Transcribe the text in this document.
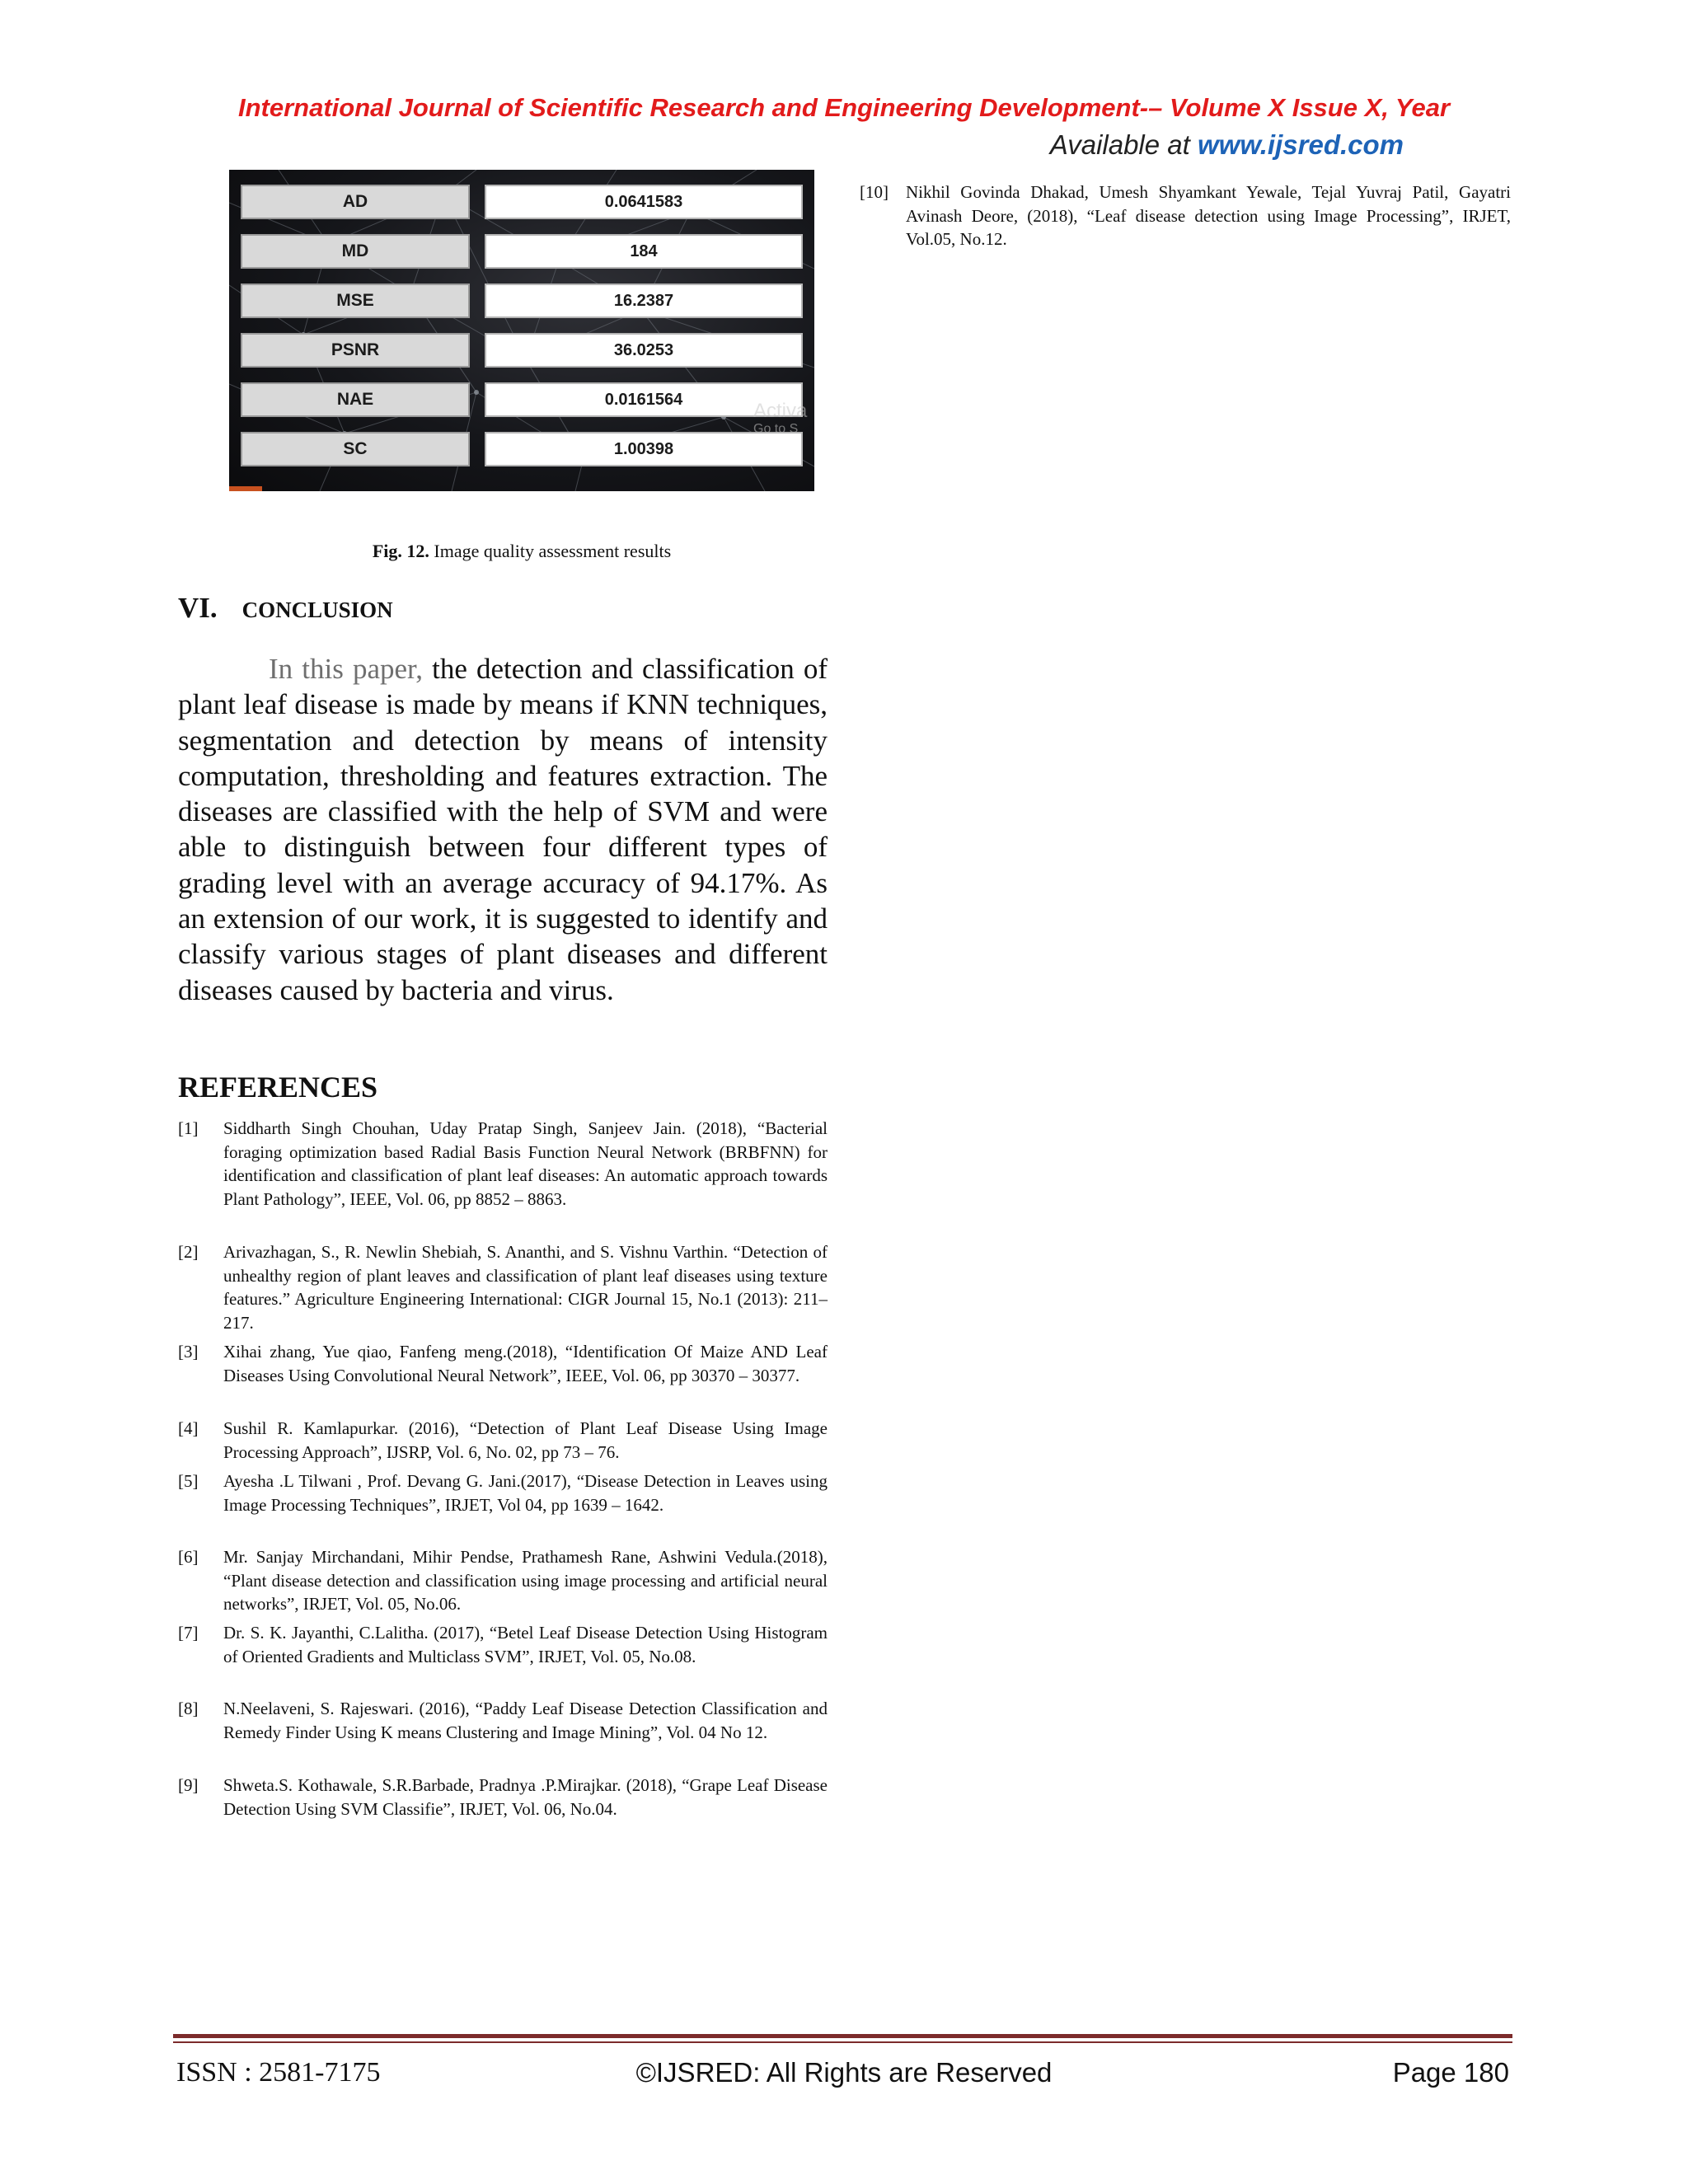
International Journal of Scientific Research and Engineering Development-– Volume X Issue X, Year
Available at www.ijsred.com
AD	0.0641583
MD	184
MSE	16.2387
PSNR	36.0253
NAE	0.0161564
SC	1.00398
Activa
Go to S
Fig. 12. Image quality assessment results
VI. CONCLUSION

In this paper, the detection and classification of plant leaf disease is made by means if KNN techniques, segmentation and detection by means of intensity computation, thresholding and features extraction. The diseases are classified with the help of SVM and were able to distinguish between four different types of grading level with an average accuracy of 94.17%. As an extension of our work, it is suggested to identify and classify various stages of plant diseases and different diseases caused by bacteria and virus.

REFERENCES
[1] Siddharth Singh Chouhan, Uday Pratap Singh, Sanjeev Jain. (2018), “Bacterial foraging optimization based Radial Basis Function Neural Network (BRBFNN) for identification and classification of plant leaf diseases: An automatic approach towards Plant Pathology”, IEEE, Vol. 06, pp 8852 – 8863.
[2] Arivazhagan, S., R. Newlin Shebiah, S. Ananthi, and S. Vishnu Varthin. “Detection of unhealthy region of plant leaves and classification of plant leaf diseases using texture features.” Agriculture Engineering International: CIGR Journal 15, No.1 (2013): 211–217.
[3] Xihai zhang, Yue qiao, Fanfeng meng.(2018), “Identification Of Maize AND Leaf Diseases Using Convolutional Neural Network”, IEEE, Vol. 06, pp 30370 – 30377.
[4] Sushil R. Kamlapurkar. (2016), “Detection of Plant Leaf Disease Using Image Processing Approach”, IJSRP, Vol. 6, No. 02, pp 73 – 76.
[5] Ayesha .L Tilwani , Prof. Devang G. Jani.(2017), “Disease Detection in Leaves using Image Processing Techniques”, IRJET, Vol 04, pp 1639 – 1642.
[6] Mr. Sanjay Mirchandani, Mihir Pendse, Prathamesh Rane, Ashwini Vedula.(2018), “Plant disease detection and classification using image processing and artificial neural networks”, IRJET, Vol. 05, No.06.
[7] Dr. S. K. Jayanthi, C.Lalitha. (2017), “Betel Leaf Disease Detection Using Histogram of Oriented Gradients and Multiclass SVM”, IRJET, Vol. 05, No.08.
[8] N.Neelaveni, S. Rajeswari. (2016), “Paddy Leaf Disease Detection Classification and Remedy Finder Using K means Clustering and Image Mining”, Vol. 04 No 12.
[9] Shweta.S. Kothawale, S.R.Barbade, Pradnya .P.Mirajkar. (2018), “Grape Leaf Disease Detection Using SVM Classifie”, IRJET, Vol. 06, No.04.
[10] Nikhil Govinda Dhakad, Umesh Shyamkant Yewale, Tejal Yuvraj Patil, Gayatri Avinash Deore, (2018), “Leaf disease detection using Image Processing”, IRJET, Vol.05, No.12.
ISSN : 2581-7175	©IJSRED: All Rights are Reserved	Page 180
